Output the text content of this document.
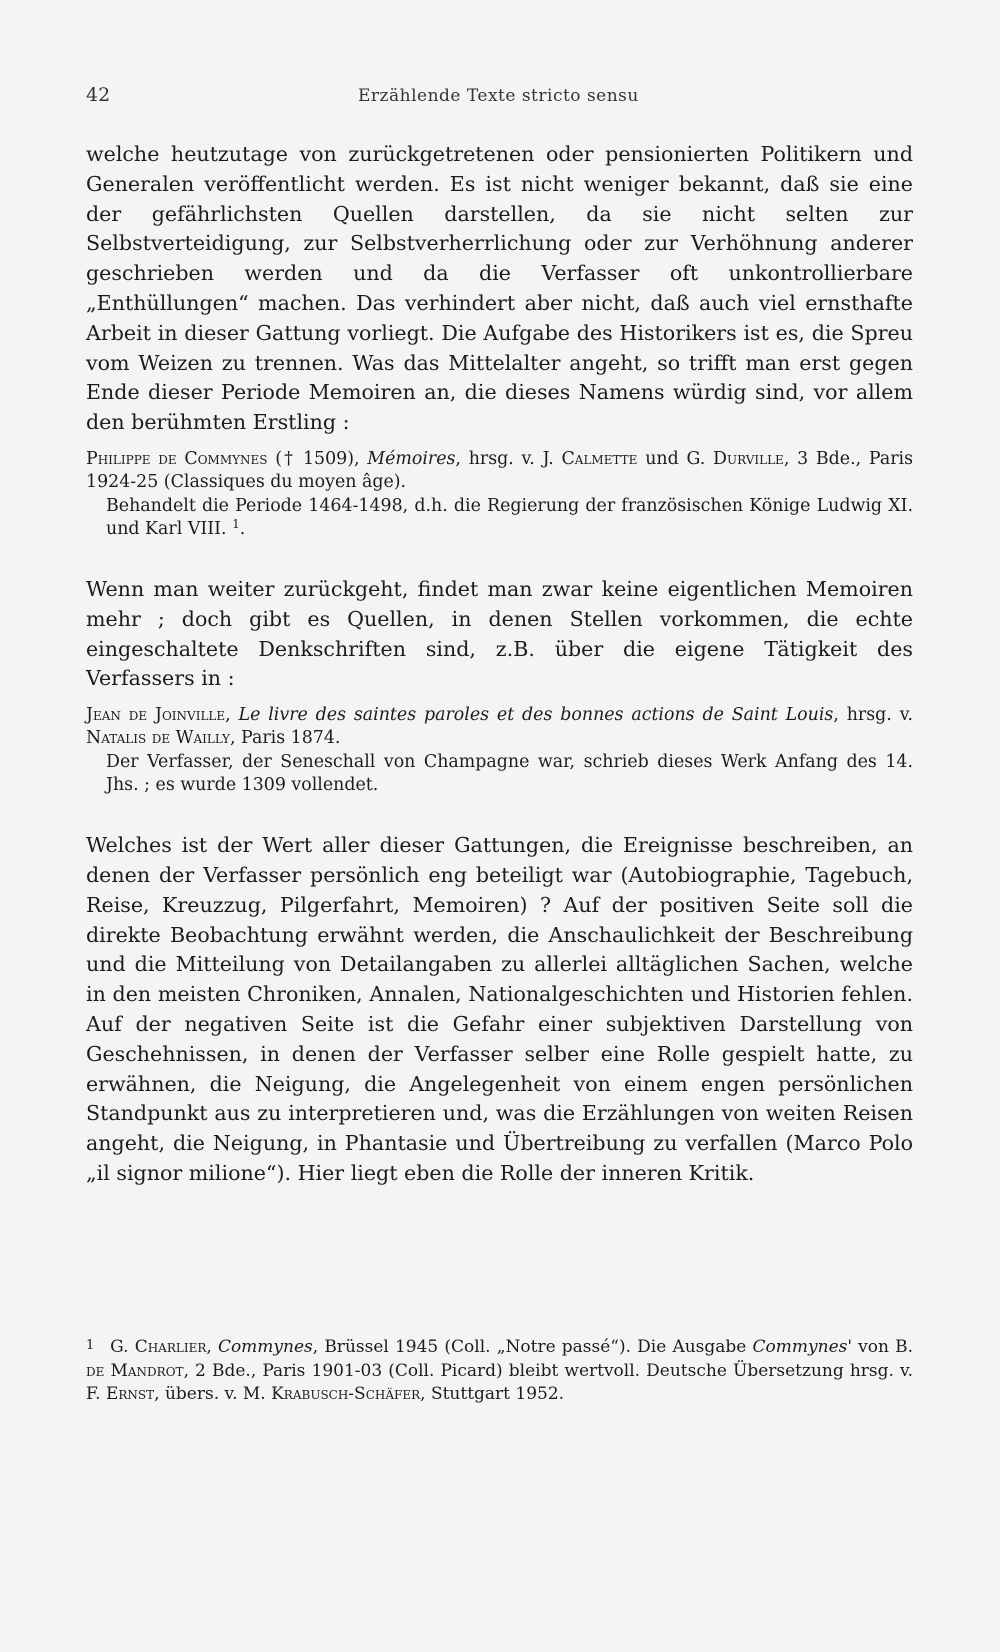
42	Erzählende Texte stricto sensu

welche heutzutage von zurückgetretenen oder pensionierten Politikern und Generalen veröffentlicht werden. Es ist nicht weniger bekannt, daß sie eine der gefährlichsten Quellen darstellen, da sie nicht selten zur Selbstverteidigung, zur Selbstverherrlichung oder zur Verhöhnung anderer geschrieben werden und da die Verfasser oft unkontrollierbare „Enthüllungen“ machen. Das verhindert aber nicht, daß auch viel ernsthafte Arbeit in dieser Gattung vorliegt. Die Aufgabe des Historikers ist es, die Spreu vom Weizen zu trennen. Was das Mittelalter angeht, so trifft man erst gegen Ende dieser Periode Memoiren an, die dieses Namens würdig sind, vor allem den berühmten Erstling :

Philippe de Commynes († 1509), Mémoires, hrsg. v. J. Calmette und G. Durville, 3 Bde., Paris 1924-25 (Classiques du moyen âge).
Behandelt die Periode 1464-1498, d.h. die Regierung der französischen Könige Ludwig XI. und Karl VIII. $^1$.

Wenn man weiter zurückgeht, findet man zwar keine eigentlichen Memoiren mehr ; doch gibt es Quellen, in denen Stellen vorkommen, die echte eingeschaltete Denkschriften sind, z.B. über die eigene Tätigkeit des Verfassers in :

Jean de Joinville, Le livre des saintes paroles et des bonnes actions de Saint Louis, hrsg. v. Natalis de Wailly, Paris 1874.
Der Verfasser, der Seneschall von Champagne war, schrieb dieses Werk Anfang des 14. Jhs. ; es wurde 1309 vollendet.

Welches ist der Wert aller dieser Gattungen, die Ereignisse beschreiben, an denen der Verfasser persönlich eng beteiligt war (Autobiographie, Tagebuch, Reise, Kreuzzug, Pilgerfahrt, Memoiren) ? Auf der positiven Seite soll die direkte Beobachtung erwähnt werden, die Anschaulichkeit der Beschreibung und die Mitteilung von Detailangaben zu allerlei alltäglichen Sachen, welche in den meisten Chroniken, Annalen, Nationalgeschichten und Historien fehlen. Auf der negativen Seite ist die Gefahr einer subjektiven Darstellung von Geschehnissen, in denen der Verfasser selber eine Rolle gespielt hatte, zu erwähnen, die Neigung, die Angelegenheit von einem engen persönlichen Standpunkt aus zu interpretieren und, was die Erzählungen von weiten Reisen angeht, die Neigung, in Phantasie und Übertreibung zu verfallen (Marco Polo „il signor milione“). Hier liegt eben die Rolle der inneren Kritik.

1 G. Charlier, Commynes, Brüssel 1945 (Coll. „Notre passé“). Die Ausgabe Commynes' von B. de Mandrot, 2 Bde., Paris 1901-03 (Coll. Picard) bleibt wertvoll. Deutsche Übersetzung hrsg. v. F. Ernst, übers. v. M. Krabusch-Schäfer, Stuttgart 1952.
